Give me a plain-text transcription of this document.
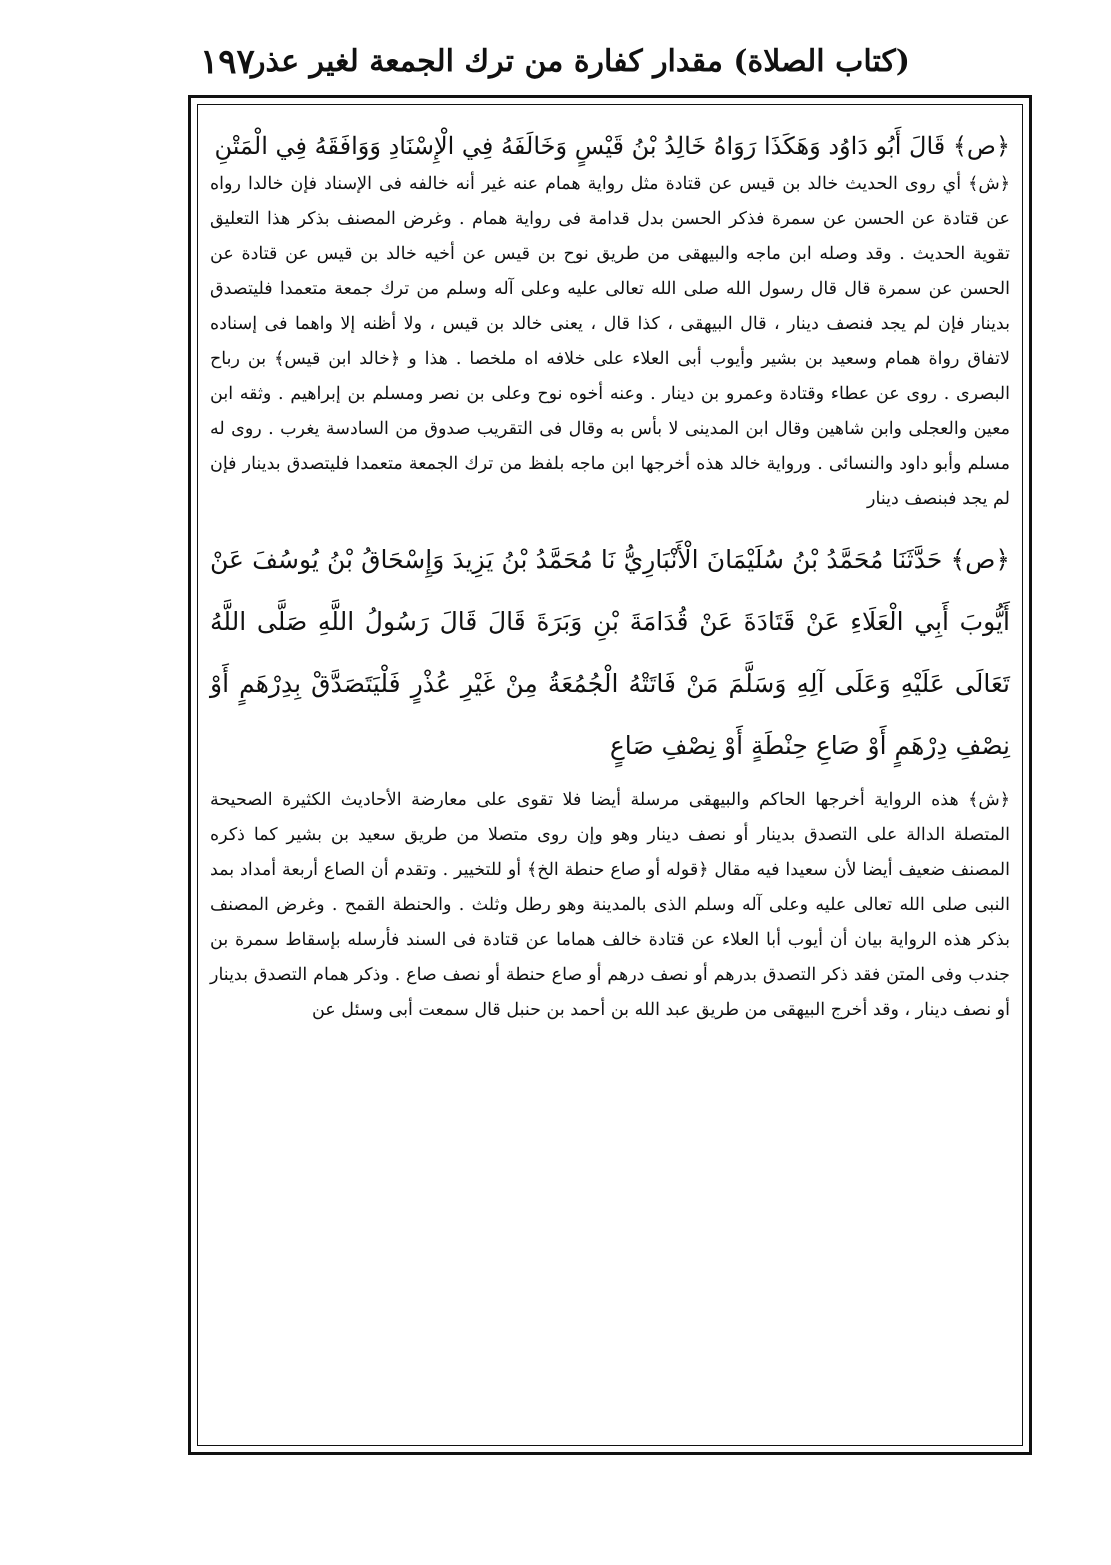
(كتاب الصلاة) مقدار كفارة من ترك الجمعة لغير عذر
١٩٧

﴿ص﴾ قَالَ أَبُو دَاوُد وَهَكَذَا رَوَاهُ خَالِدُ بْنُ قَيْسٍ وَخَالَفَهُ فِي الْإِسْنَادِ وَوَافَقَهُ فِي الْمَتْنِ

﴿ش﴾ أي روى الحديث خالد بن قيس عن قتادة مثل رواية همام عنه غير أنه خالفه فى الإسناد فإن خالدا رواه عن قتادة عن الحسن عن سمرة فذكر الحسن بدل قدامة فى رواية همام . وغرض المصنف بذكر هذا التعليق تقوية الحديث . وقد وصله ابن ماجه والبيهقى من طريق نوح بن قيس عن أخيه خالد بن قيس عن قتادة عن الحسن عن سمرة قال قال رسول الله صلى الله تعالى عليه وعلى آله وسلم من ترك جمعة متعمدا فليتصدق بدينار فإن لم يجد فنصف دينار ، قال البيهقى ، كذا قال ، يعنى خالد بن قيس ، ولا أظنه إلا واهما فى إسناده لاتفاق رواة همام وسعيد بن بشير وأيوب أبى العلاء على خلافه اه ملخصا . هذا و ﴿خالد ابن قيس﴾ بن رباح البصرى . روى عن عطاء وقتادة وعمرو بن دينار . وعنه أخوه نوح وعلى بن نصر ومسلم بن إبراهيم . وثقه ابن معين والعجلى وابن شاهين وقال ابن المدينى لا بأس به وقال فى التقريب صدوق من السادسة يغرب . روى له مسلم وأبو داود والنسائى . ورواية خالد هذه أخرجها ابن ماجه بلفظ من ترك الجمعة متعمدا فليتصدق بدينار فإن لم يجد فبنصف دينار

﴿ص﴾ حَدَّثَنَا مُحَمَّدُ بْنُ سُلَيْمَانَ الْأَنْبَارِيُّ نَا مُحَمَّدُ بْنُ يَزِيدَ وَإِسْحَاقُ بْنُ يُوسُفَ عَنْ أَيُّوبَ أَبِي الْعَلَاءِ عَنْ قَتَادَةَ عَنْ قُدَامَةَ بْنِ وَبَرَةَ قَالَ قَالَ رَسُولُ اللَّهِ صَلَّى اللَّهُ تَعَالَى عَلَيْهِ وَعَلَى آلِهِ وَسَلَّمَ مَنْ فَاتَتْهُ الْجُمُعَةُ مِنْ غَيْرِ عُذْرٍ فَلْيَتَصَدَّقْ بِدِرْهَمٍ أَوْ نِصْفِ دِرْهَمٍ أَوْ صَاعِ حِنْطَةٍ أَوْ نِصْفِ صَاعٍ

﴿ش﴾ هذه الرواية أخرجها الحاكم والبيهقى مرسلة أيضا فلا تقوى على معارضة الأحاديث الكثيرة الصحيحة المتصلة الدالة على التصدق بدينار أو نصف دينار وهو وإن روى متصلا من طريق سعيد بن بشير كما ذكره المصنف ضعيف أيضا لأن سعيدا فيه مقال ﴿قوله أو صاع حنطة الخ﴾ أو للتخيير . وتقدم أن الصاع أربعة أمداد بمد النبى صلى الله تعالى عليه وعلى آله وسلم الذى بالمدينة وهو رطل وثلث . والحنطة القمح . وغرض المصنف بذكر هذه الرواية بيان أن أيوب أبا العلاء عن قتادة خالف هماما عن قتادة فى السند فأرسله بإسقاط سمرة بن جندب وفى المتن فقد ذكر التصدق بدرهم أو نصف درهم أو صاع حنطة أو نصف صاع . وذكر همام التصدق بدينار أو نصف دينار ، وقد أخرج البيهقى من طريق عبد الله بن أحمد بن حنبل قال سمعت أبى وسئل عن
